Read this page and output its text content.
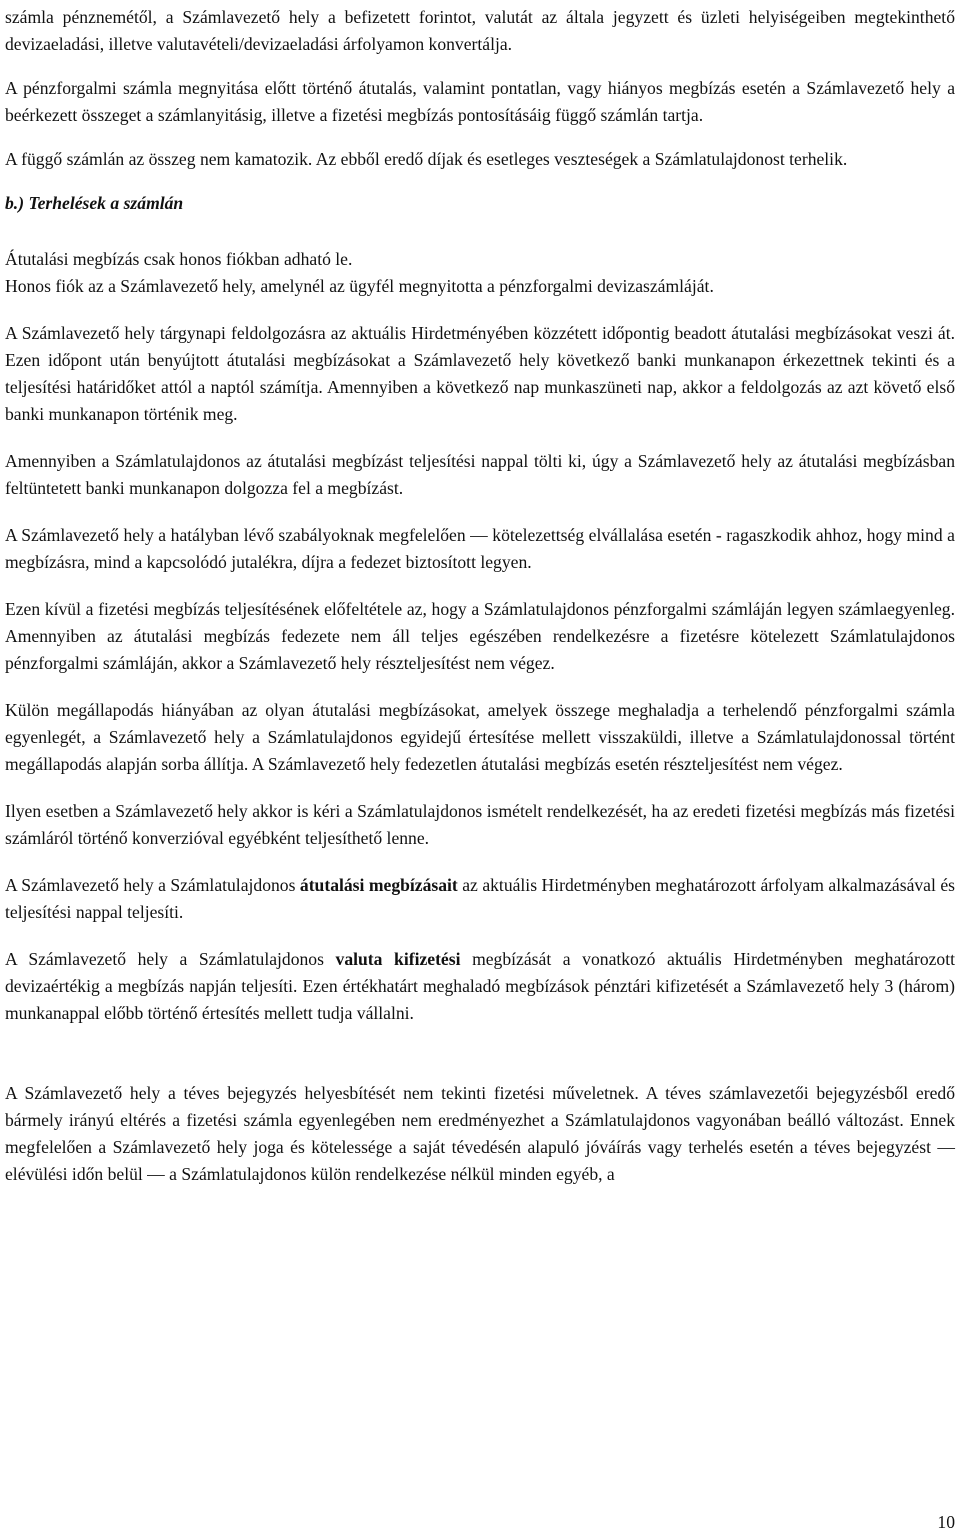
számla pénznemétől, a Számlavezető hely a befizetett forintot, valutát az általa jegyzett és üzleti helyiségeiben megtekinthető devizaeladási, illetve valutavételi/devizaeladási árfolyamon konvertálja.

A pénzforgalmi számla megnyitása előtt történő átutalás, valamint pontatlan, vagy hiányos megbízás esetén a Számlavezető hely a beérkezett összeget a számlanyitásig, illetve a fizetési megbízás pontosításáig függő számlán tartja.

A függő számlán az összeg nem kamatozik. Az ebből eredő díjak és esetleges veszteségek a Számlatulajdonost terhelik.

b.) Terhelések a számlán

Átutalási megbízás csak honos fiókban adható le.

Honos fiók az a Számlavezető hely, amelynél az ügyfél megnyitotta a pénzforgalmi devizaszámláját.

A Számlavezető hely tárgynapi feldolgozásra az aktuális Hirdetményében közzétett időpontig beadott átutalási megbízásokat veszi át. Ezen időpont után benyújtott átutalási megbízásokat a Számlavezető hely következő banki munkanapon érkezettnek tekinti és a teljesítési határidőket attól a naptól számítja. Amennyiben a következő nap munkaszüneti nap, akkor a feldolgozás az azt követő első banki munkanapon történik meg.

Amennyiben a Számlatulajdonos az átutalási megbízást teljesítési nappal tölti ki, úgy a Számlavezető hely az átutalási megbízásban feltüntetett banki munkanapon dolgozza fel a megbízást.

A Számlavezető hely a hatályban lévő szabályoknak megfelelően — kötelezettség elvállalása esetén - ragaszkodik ahhoz, hogy mind a megbízásra, mind a kapcsolódó jutalékra, díjra a fedezet biztosított legyen.

Ezen kívül a fizetési megbízás teljesítésének előfeltétele az, hogy a Számlatulajdonos pénzforgalmi számláján legyen számlaegyenleg. Amennyiben az átutalási megbízás fedezete nem áll teljes egészében rendelkezésre a fizetésre kötelezett Számlatulajdonos pénzforgalmi számláján, akkor a Számlavezető hely részteljesítést nem végez.

Külön megállapodás hiányában az olyan átutalási megbízásokat, amelyek összege meghaladja a terhelendő pénzforgalmi számla egyenlegét, a Számlavezető hely a Számlatulajdonos egyidejű értesítése mellett visszaküldi, illetve a Számlatulajdonossal történt megállapodás alapján sorba állítja. A Számlavezető hely fedezetlen átutalási megbízás esetén részteljesítést nem végez.

Ilyen esetben a Számlavezető hely akkor is kéri a Számlatulajdonos ismételt rendelkezését, ha az eredeti fizetési megbízás más fizetési számláról történő konverzióval egyébként teljesíthető lenne.

A Számlavezető hely a Számlatulajdonos átutalási megbízásait az aktuális Hirdetményben meghatározott árfolyam alkalmazásával és teljesítési nappal teljesíti.

A Számlavezető hely a Számlatulajdonos valuta kifizetési megbízását a vonatkozó aktuális Hirdetményben meghatározott devizaértékig a megbízás napján teljesíti. Ezen értékhatárt meghaladó megbízások pénztári kifizetését a Számlavezető hely 3 (három) munkanappal előbb történő értesítés mellett tudja vállalni.

A Számlavezető hely a téves bejegyzés helyesbítését nem tekinti fizetési műveletnek. A téves számlavezetői bejegyzésből eredő bármely irányú eltérés a fizetési számla egyenlegében nem eredményezhet a Számlatulajdonos vagyonában beálló változást. Ennek megfelelően a Számlavezető hely joga és kötelessége a saját tévedésén alapuló jóváírás vagy terhelés esetén a téves bejegyzést — elévülési időn belül — a Számlatulajdonos külön rendelkezése nélkül minden egyéb, a

10
